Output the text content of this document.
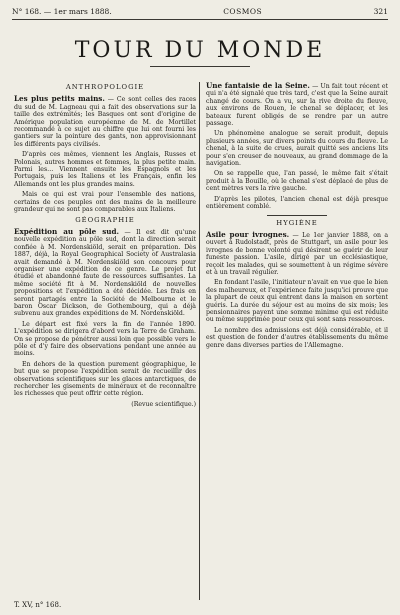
N° 168. — 1er mars 1888.	COSMOS	321
TOUR DU MONDE
ANTHROPOLOGIE

Les plus petits mains. — Ce sont celles des races du sud de M. Lagneau qui a fait des observations sur la taille des extrémités; les Basques ont sont d'origine de Amérique population européenne de M. de Mortillet recommandé à ce sujet au chiffre que lui ont fourni les gantiers sur la pointure des gants, non approvisionnant les différents pays civilisés.

D'après ces mêmes, viennent les Anglais, Russes et Polonais, autres hommes et femmes, la plus petite main. Parmi les… Viennent ensuite les Espagnols et les Portugais, puis les Italiens et les Français, enfin les Allemands ont les plus grandes mains.

Mais ce qui est vrai pour l'ensemble des nations, certains de ces peuples ont des mains de la meilleure grandeur qui ne sont pas comparables aux Italiens.

GÉOGRAPHIE

Expédition au pôle sud. — Il est dit qu'une nouvelle expédition au pôle sud, dont la direction serait confiée à M. Nordenskiöld, serait en préparation. Dès 1887, déjà, la Royal Geographical Society of Australasia avait demandé à M. Nordenskiöld son concours pour organiser une expédition de ce genre. Le projet fut étudié et abandonné faute de ressources suffisantes. La même société fit à M. Nordenskiöld de nouvelles propositions et l'expédition a été décidée. Les frais en seront partagés entre la Société de Melbourne et le baron Oscar Dickson, de Gothembourg, qui a déjà subvenu aux grandes expéditions de M. Nordenskiöld.

Le départ est fixé vers la fin de l'année 1890. L'expédition se dirigera d'abord vers la Terre de Graham. On se propose de pénétrer aussi loin que possible vers le pôle et d'y faire des observations pendant une année au moins.

En dehors de la question purement géographique, le but que se propose l'expédition serait de recueillir des observations scientifiques sur les glaces antarctiques, de rechercher les gisements de minéraux et de reconnaître les richesses que peut offrir cette région.

(Revue scientifique.)

Une fantaisie de la Seine. — Un fait tout récent et qui n'a été signalé que très tard, c'est que la Seine aurait changé de cours. On a vu, sur la rive droite du fleuve, aux environs de Rouen, le chenal se déplacer, et les bateaux furent obligés de se rendre par un autre passage.

Un phénomène analogue se serait produit, depuis plusieurs années, sur divers points du cours du fleuve. Le chenal, à la suite de crues, aurait quitté ses anciens lits pour s'en creuser de nouveaux, au grand dommage de la navigation.

On se rappelle que, l'an passé, le même fait s'était produit à la Bouille, où le chenal s'est déplacé de plus de cent mètres vers la rive gauche.

D'après les pilotes, l'ancien chenal est déjà presque entièrement comblé.

HYGIÈNE

Asile pour ivrognes. — Le 1er janvier 1888, on a ouvert à Rudolstadt, près de Stuttgart, un asile pour les ivrognes de bonne volonté qui désirent se guérir de leur funeste passion. L'asile, dirigé par un ecclésiastique, reçoit les malades, qui se soumettent à un régime sévère et à un travail régulier.

En fondant l'asile, l'initiateur n'avait en vue que le bien des malheureux, et l'expérience faite jusqu'ici prouve que la plupart de ceux qui entrent dans la maison en sortent guéris. La durée du séjour est au moins de six mois; les pensionnaires payent une somme minime qui est réduite ou même supprimée pour ceux qui sont sans ressources.

Le nombre des admissions est déjà considérable, et il est question de fonder d'autres établissements du même genre dans diverses parties de l'Allemagne.

T. XV, n° 168.
